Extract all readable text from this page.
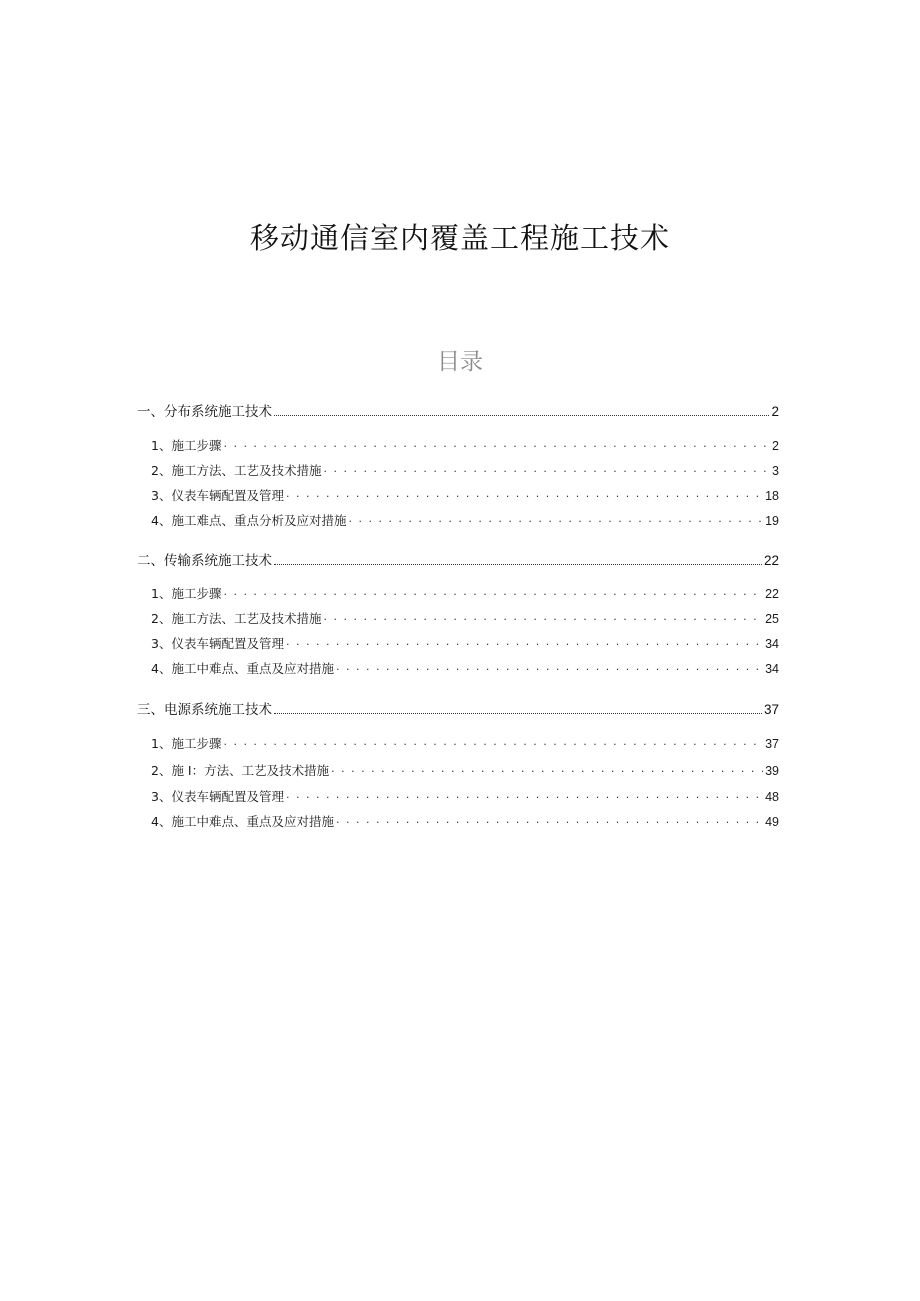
移动通信室内覆盖工程施工技术
目录
一、分布系统施工技术	2
1、施工步骤 . . .	2
2、施工方法、工艺及技术措施 . . .	3
3、仪表车辆配置及管理 . . .	18
4、施工难点、重点分析及应对措施 . . .	19
二、传输系统施工技术	22
1、施工步骤 . . .	22
2、施工方法、工艺及技术措施 . . .	25
3、仪表车辆配置及管理 . . .	34
4、施工中难点、重点及应对措施 . . .	34
三、电源系统施工技术	37
1、施工步骤 . . .	37
2、施 I：方法、工艺及技术措施 . . .	39
3、仪表车辆配置及管理 . . .	48
4、施工中难点、重点及应对措施 . . .	49
